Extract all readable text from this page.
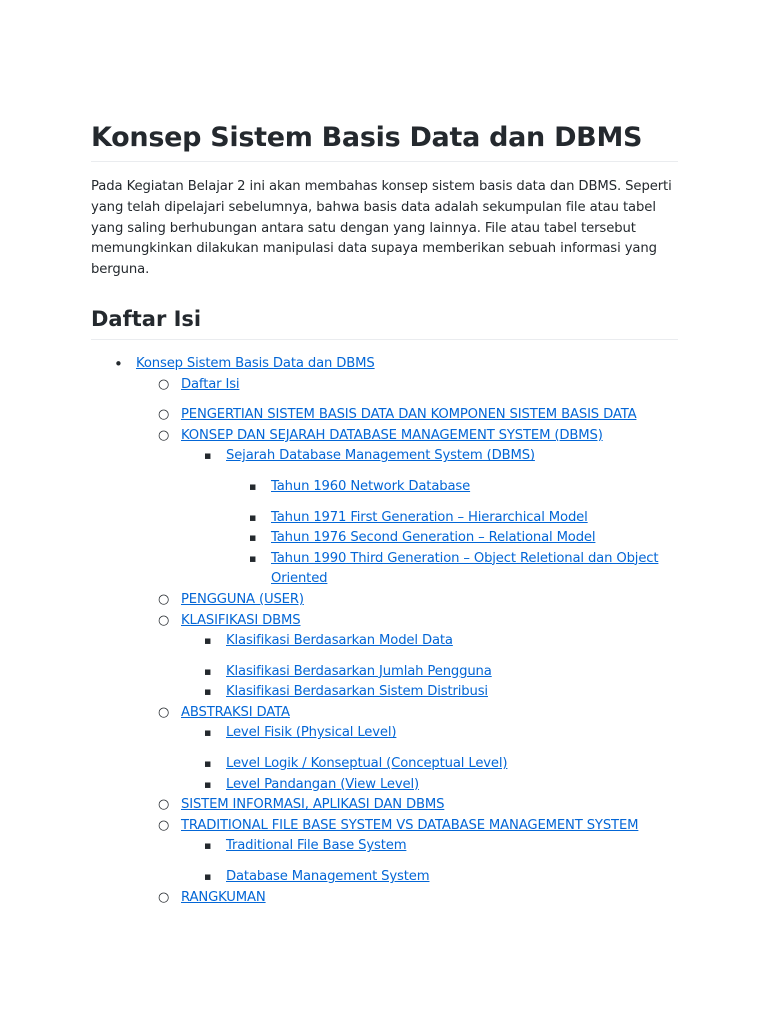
Konsep Sistem Basis Data dan DBMS

Pada Kegiatan Belajar 2 ini akan membahas konsep sistem basis data dan DBMS. Seperti yang telah dipelajari sebelumnya, bahwa basis data adalah sekumpulan file atau tabel yang saling berhubungan antara satu dengan yang lainnya. File atau tabel tersebut memungkinkan dilakukan manipulasi data supaya memberikan sebuah informasi yang berguna.

Daftar Isi
• Konsep Sistem Basis Data dan DBMS
○ Daftar Isi
○ PENGERTIAN SISTEM BASIS DATA DAN KOMPONEN SISTEM BASIS DATA
○ KONSEP DAN SEJARAH DATABASE MANAGEMENT SYSTEM (DBMS)
▪ Sejarah Database Management System (DBMS)
▪ Tahun 1960 Network Database
▪ Tahun 1971 First Generation – Hierarchical Model
▪ Tahun 1976 Second Generation – Relational Model
▪ Tahun 1990 Third Generation – Object Reletional dan Object Oriented
○ PENGGUNA (USER)
○ KLASIFIKASI DBMS
▪ Klasifikasi Berdasarkan Model Data
▪ Klasifikasi Berdasarkan Jumlah Pengguna
▪ Klasifikasi Berdasarkan Sistem Distribusi
○ ABSTRAKSI DATA
▪ Level Fisik (Physical Level)
▪ Level Logik / Konseptual (Conceptual Level)
▪ Level Pandangan (View Level)
○ SISTEM INFORMASI, APLIKASI DAN DBMS
○ TRADITIONAL FILE BASE SYSTEM VS DATABASE MANAGEMENT SYSTEM
▪ Traditional File Base System
▪ Database Management System
○ RANGKUMAN
